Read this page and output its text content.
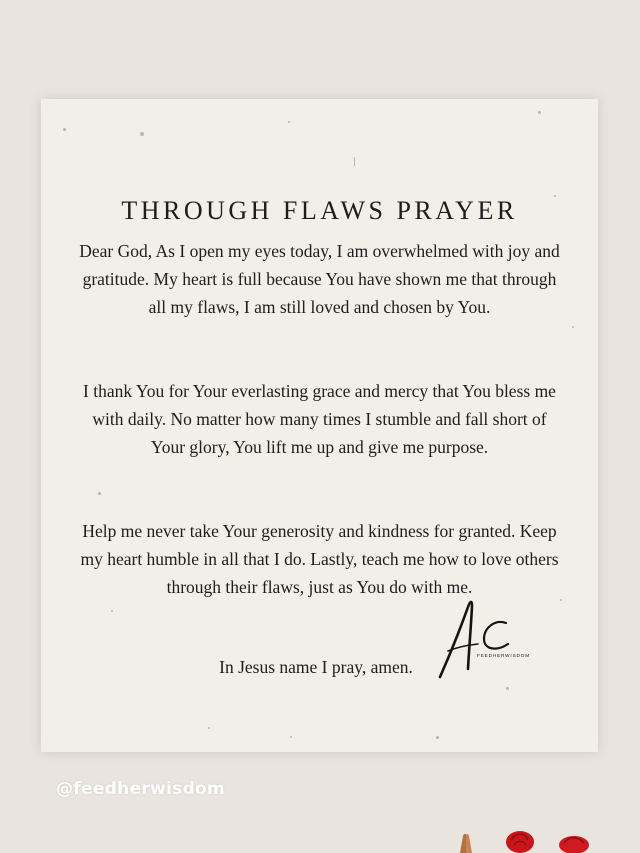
THROUGH FLAWS PRAYER

Dear God, As I open my eyes today, I am overwhelmed with joy and gratitude. My heart is full because You have shown me that through all my flaws, I am still loved and chosen by You.

I thank You for Your everlasting grace and mercy that You bless me with daily. No matter how many times I stumble and fall short of Your glory, You lift me up and give me purpose.

Help me never take Your generosity and kindness for granted. Keep my heart humble in all that I do. Lastly, teach me how to love others through their flaws, just as You do with me.

In Jesus name I pray, amen.

FEEDHERWISDOM

@feedherwisdom
